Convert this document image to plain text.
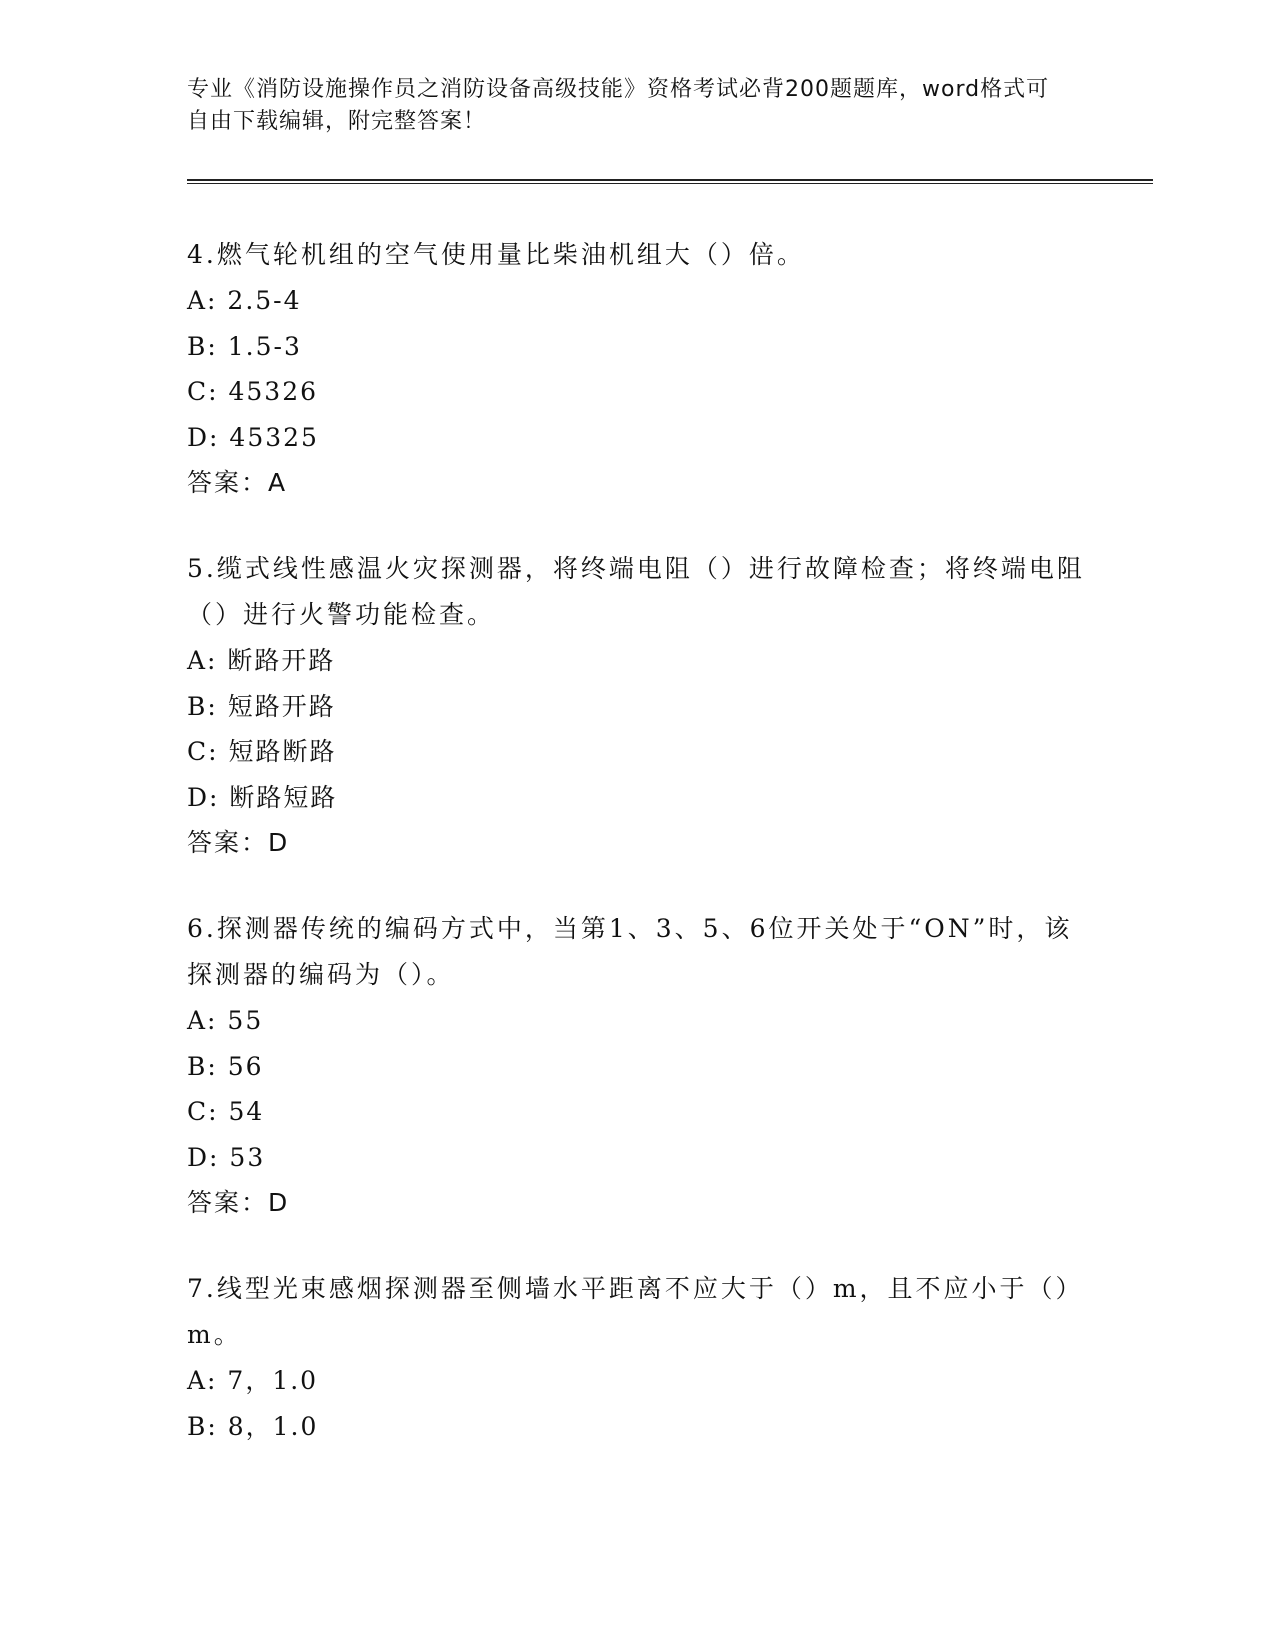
专业《消防设施操作员之消防设备高级技能》资格考试必背200题题库，word格式可自由下载编辑，附完整答案！

4.燃气轮机组的空气使用量比柴油机组大（）倍。

A: 2.5-4

B: 1.5-3

C: 45326

D: 45325

答案：A

5.缆式线性感温火灾探测器，将终端电阻（）进行故障检查；将终端电阻（）进行火警功能检查。

A: 断路开路

B: 短路开路

C: 短路断路

D: 断路短路

答案：D

6.探测器传统的编码方式中，当第1、3、5、6位开关处于“ON”时，该探测器的编码为（）。

A: 55

B: 56

C: 54

D: 53

答案：D

7.线型光束感烟探测器至侧墙水平距离不应大于（）m，且不应小于（）m。

A: 7，1.0

B: 8，1.0
